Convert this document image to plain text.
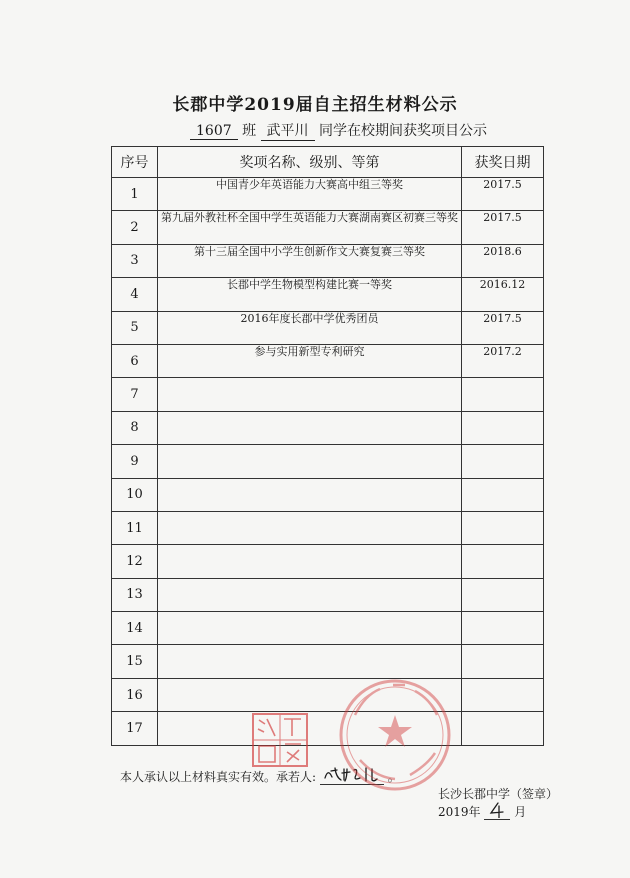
长郡中学2019届自主招生材料公示
1607 班 武平川 同学在校期间获奖项目公示
序号	奖项名称、级别、等第	获奖日期
1	中国青少年英语能力大赛高中组三等奖	2017.5
2	第九届外教社杯全国中学生英语能力大赛湖南赛区初赛三等奖	2017.5
3	第十三届全国中小学生创新作文大赛复赛三等奖	2018.6
4	长郡中学生物模型构建比赛一等奖	2016.12
5	2016年度长郡中学优秀团员	2017.5
6	参与实用新型专利研究	2017.2
7		
8		
9		
10		
11		
12		
13		
14		
15		
16		
17		
本人承认以上材料真实有效。承若人:	。
长沙长郡中学（签章）
2019年	月
